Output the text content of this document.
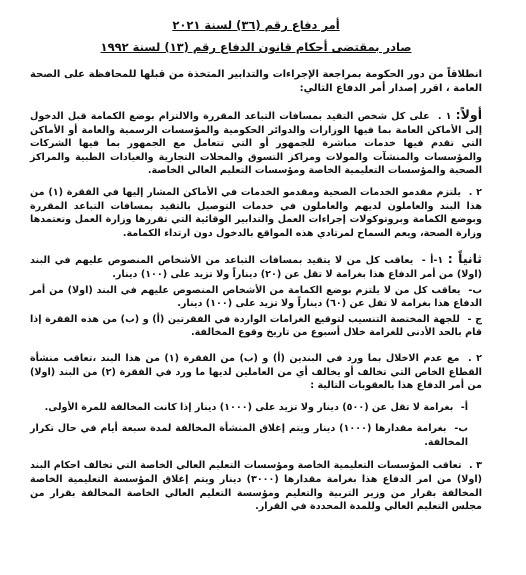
أمر دفاع رقم (٣٦) لسنة ٢٠٢١
صادر بمقتضى أحكام قانون الدفاع رقم (١٣) لسنة ١٩٩٢
انطلاقاً من دور الحكومة بمراجعة الإجراءات والتدابير المتخذة من قبلها للمحافظة على الصحة العامة ، اقرر إصدار أمر الدفاع التالي:
أولاً: ١ . على كل شخص التقيد بمسافات التباعد المقررة والالتزام بوضع الكمامة قبل الدخول إلى الأماكن العامة بما فيها الوزارات والدوائر الحكومية والمؤسسات الرسمية والعامة أو الأماكن التي تقدم فيها خدمات مباشرة للجمهور أو التي تتعامل مع الجمهور بما فيها الشركات والمؤسسات والمنشآت والمولات ومراكز التسوق والمحلات التجارية والعيادات الطبية والمراكز الصحية والمؤسسات التعليمية الخاصة ومؤسسات التعليم العالي الخاصة.
٢ . يلتزم مقدمو الخدمات الصحية ومقدمو الخدمات في الأماكن المشار إليها في الفقرة (١) من هذا البند والعاملون لديهم والعاملون في خدمات التوصيل بالتقيد بمسافات التباعد المقررة وبوضع الكمامة وبروتوكولات إجراءات العمل والتدابير الوقائية التي تقررها وزارة العمل وتعتمدها وزارة الصحة، ويعم السماح لمرتادي هذه المواقع بالدخول دون ارتداء الكمامة.
ثانياً : ١-أ - يعاقب كل من لا يتقيد بمسافات التباعد من الأشخاص المنصوص عليهم في البند (اولا) من أمر الدفاع هذا بغرامة لا تقل عن (٢٠) ديناراً ولا تزيد على (١٠٠) دينار.
ب- يعاقب كل من لا يلتزم بوضع الكمامة من الأشخاص المنصوص عليهم في البند (اولا) من أمر الدفاع هذا بغرامة لا تقل عن (٦٠) ديناراً ولا تزيد على (١٠٠) دينار.
ج - للجهة المختصة التنسيب لتوقيع الغرامات الواردة في الفقرتين (أ) و (ب) من هذه الفقرة إذا قام بالحد الأدنى للغرامة خلال أسبوع من تاريخ وقوع المخالفة.
٢ . مع عدم الاخلال بما ورد في البندين (أ) و (ب) من الفقرة (١) من هذا البند ،تعاقب منشأة القطاع الخاص التي تخالف أو يخالف أي من العاملين لديها ما ورد في الفقرة (٢) من البند (اولا) من أمر الدفاع هذا بالعقوبات التالية :
أ- بغرامة لا تقل عن (٥٠٠) دينار ولا تزيد على (١٠٠٠) دينار إذا كانت المخالفة للمرة الأولى.
ب- بغرامة مقدارها (١٠٠٠) دينار ويتم إغلاق المنشأة المخالفة لمدة سبعة أيام في حال تكرار المخالفة.
٣ . تعاقب المؤسسات التعليمية الخاصة ومؤسسات التعليم العالي الخاصة التي تخالف احكام البند (اولا) من امر الدفاع هذا بغرامة مقدارها (٣٠٠٠) دينار ويتم إغلاق المؤسسة التعليمية الخاصة المخالفة بقرار من وزير التربية والتعليم ومؤسسة التعليم العالي الخاصة المخالفة بقرار من مجلس التعليم العالي وللمدة المحددة في القرار.
